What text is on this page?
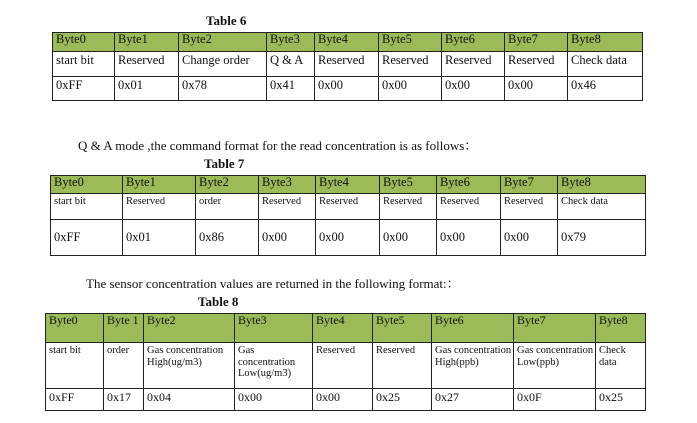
Table 6
Byte0	Byte1	Byte2	Byte3	Byte4	Byte5	Byte6	Byte7	Byte8
start bit	Reserved	Change order	Q & A	Reserved	Reserved	Reserved	Reserved	Check data
0xFF	0x01	0x78	0x41	0x00	0x00	0x00	0x00	0x46
Q & A mode ,the command format for the read concentration is as follows：
Table 7
Byte0	Byte1	Byte2	Byte3	Byte4	Byte5	Byte6	Byte7	Byte8
start bit	Reserved	order	Reserved	Reserved	Reserved	Reserved	Reserved	Check data
0xFF	0x01	0x86	0x00	0x00	0x00	0x00	0x00	0x79
The sensor concentration values are returned in the following format:：
Table 8
Byte0	Byte 1	Byte2	Byte3	Byte4	Byte5	Byte6	Byte7	Byte8
start bit	order	Gas concentration High(ug/m3)	Gas concentration Low(ug/m3)	Reserved	Reserved	Gas concentration High(ppb)	Gas concentration Low(ppb)	Check data
0xFF	0x17	0x04	0x00	0x00	0x25	0x27	0x0F	0x25
